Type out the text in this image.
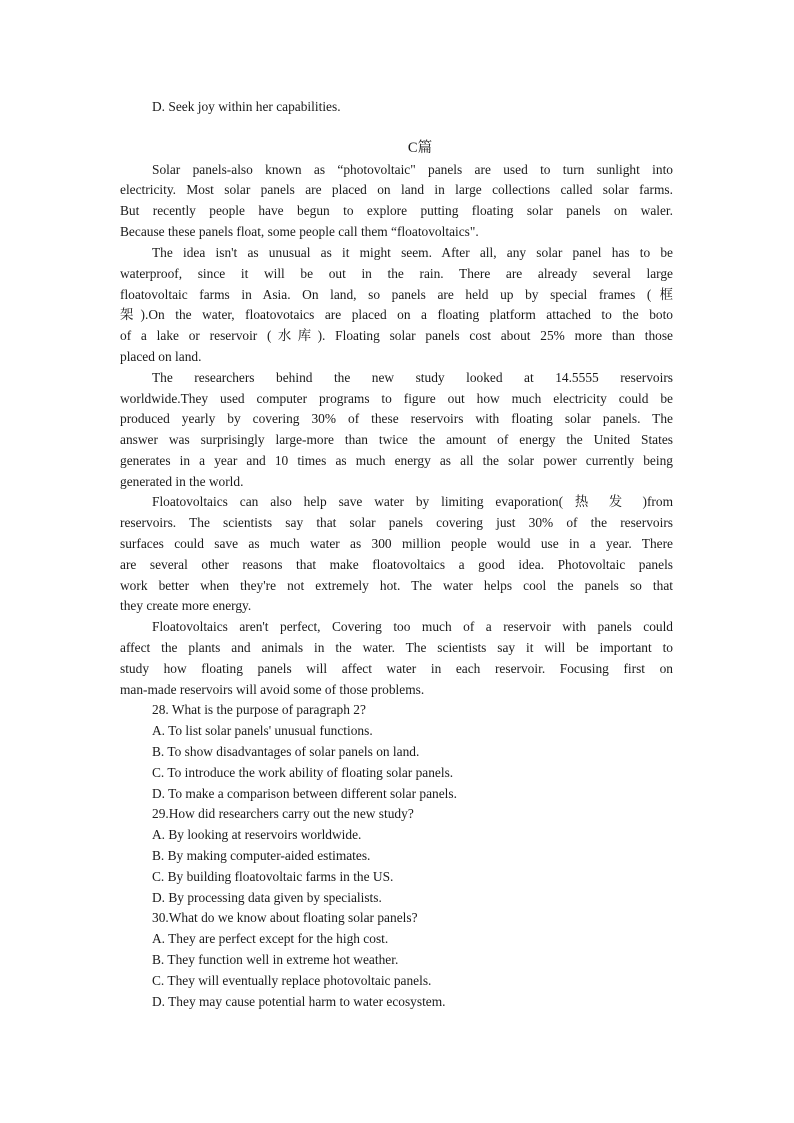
D. Seek joy within her capabilities.
C篇
Solar panels-also known as “photovoltaic" panels are used to turn sunlight into
electricity. Most solar panels are placed on land in large collections called solar farms.
But recently people have begun to explore putting floating solar panels on waler.
Because these panels float, some people call them “floatovoltaics".
The idea isn't as unusual as it might seem. After all, any solar panel has to be
waterproof, since it will be out in the rain. There are already several large
floatovoltaic farms in Asia. On land, so panels are held up by special frames (框
架).On the water, floatovotaics are placed on a floating platform attached to the boto
of a lake or reservoir (水库). Floating solar panels cost about 25% more than those
placed on land.
The researchers behind the new study looked at 14.5555 reservoirs
worldwide.They used computer programs to figure out how much electricity could be
produced yearly by covering 30% of these reservoirs with floating solar panels. The
answer was surprisingly large-more than twice the amount of energy the United States
generates in a year and 10 times as much energy as all the solar power currently being
generated in the world.
Floatovoltaics can also help save water by limiting evaporation( 热 发 )from
reservoirs. The scientists say that solar panels covering just 30% of the reservoirs
surfaces could save as much water as 300 million people would use in a year. There
are several other reasons that make floatovoltaics a good idea. Photovoltaic panels
work better when they're not extremely hot. The water helps cool the panels so that
they create more energy.
Floatovoltaics aren't perfect, Covering too much of a reservoir with panels could
affect the plants and animals in the water. The scientists say it will be important to
study how floating panels will affect water in each reservoir. Focusing first on
man-made reservoirs will avoid some of those problems.
28. What is the purpose of paragraph 2?
A. To list solar panels' unusual functions.
B. To show disadvantages of solar panels on land.
C. To introduce the work ability of floating solar panels.
D. To make a comparison between different solar panels.
29.How did researchers carry out the new study?
A. By looking at reservoirs worldwide.
B. By making computer-aided estimates.
C. By building floatovoltaic farms in the US.
D. By processing data given by specialists.
30.What do we know about floating solar panels?
A. They are perfect except for the high cost.
B. They function well in extreme hot weather.
C. They will eventually replace photovoltaic panels.
D. They may cause potential harm to water ecosystem.
